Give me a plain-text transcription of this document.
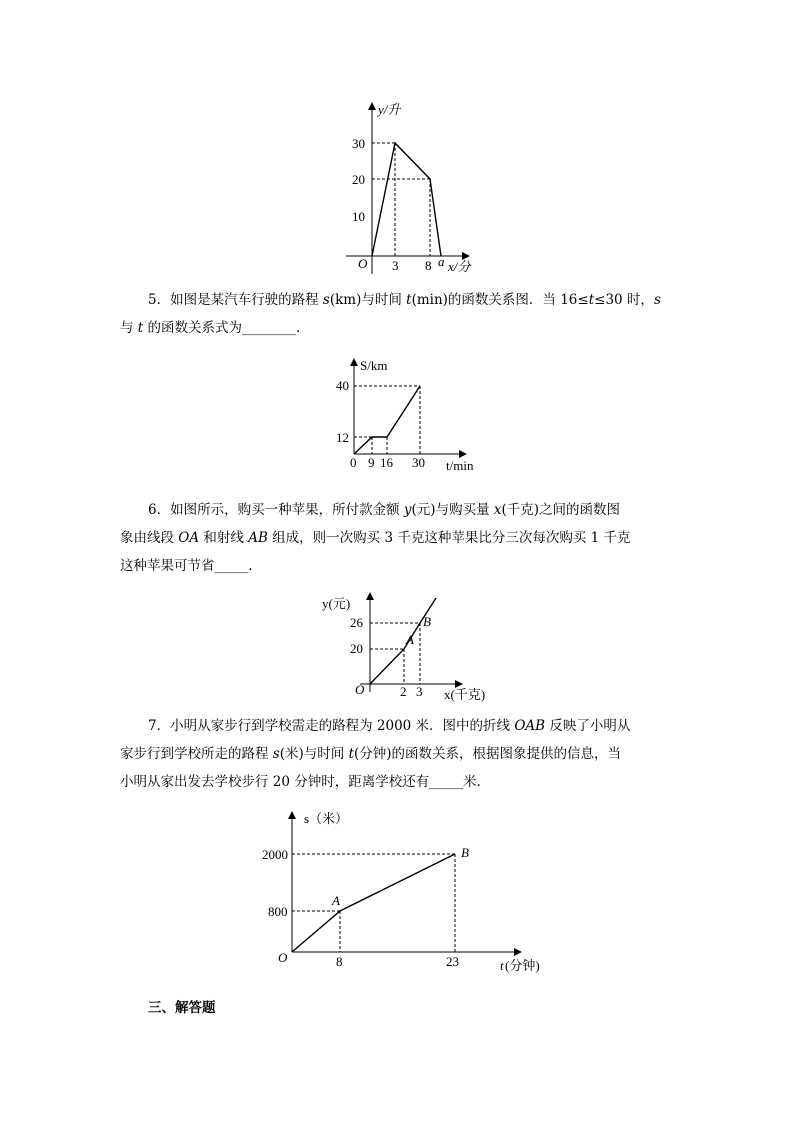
y/升
x/分
O
10
20
30
3 8 a

5．如图是某汽车行驶的路程 s(km)与时间 t(min)的函数关系图．当 16≤t≤30 时，s
与 t 的函数关系式为________.

S/km
t/min
0
12
40
9 16 30

6．如图所示，购买一种苹果，所付款金额 y(元)与购买量 x(千克)之间的函数图
象由线段 OA 和射线 AB 组成，则一次购买 3 千克这种苹果比分三次每次购买 1 千克
这种苹果可节省_____.

y(元)
x(千克)
O
20
26
2 3
A
B

7．小明从家步行到学校需走的路程为 2000 米．图中的折线 OAB 反映了小明从
家步行到学校所走的路程 s(米)与时间 t(分钟)的函数关系，根据图象提供的信息，当
小明从家出发去学校步行 20 分钟时，距离学校还有_____米.

s（米）
t (分钟)
O
800
2000
8	23
A
B

三、解答题
